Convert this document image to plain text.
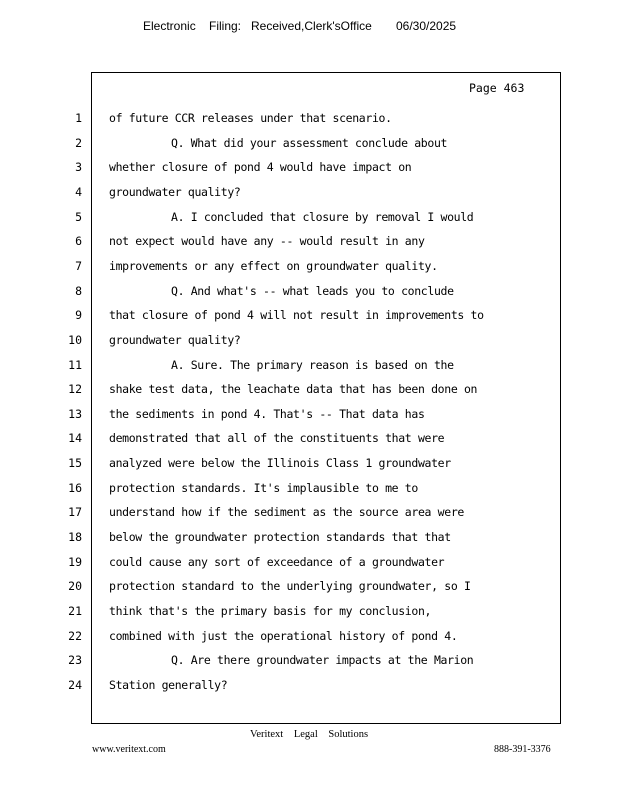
Electronic Filing: Received,Clerk'sOffice 06/30/2025
Page 463
1 of future CCR releases under that scenario.
2	Q. What did your assessment conclude about
3 whether closure of pond 4 would have impact on
4 groundwater quality?
5	A. I concluded that closure by removal I would
6 not expect would have any -- would result in any
7 improvements or any effect on groundwater quality.
8	Q. And what's -- what leads you to conclude
9 that closure of pond 4 will not result in improvements to
10 groundwater quality?
11	A. Sure. The primary reason is based on the
12 shake test data, the leachate data that has been done on
13 the sediments in pond 4. That's -- That data has
14 demonstrated that all of the constituents that were
15 analyzed were below the Illinois Class 1 groundwater
16 protection standards. It's implausible to me to
17 understand how if the sediment as the source area were
18 below the groundwater protection standards that that
19 could cause any sort of exceedance of a groundwater
20 protection standard to the underlying groundwater, so I
21 think that's the primary basis for my conclusion,
22 combined with just the operational history of pond 4.
23	Q. Are there groundwater impacts at the Marion
24 Station generally?
Veritext Legal Solutions
www.veritext.com	888-391-3376
